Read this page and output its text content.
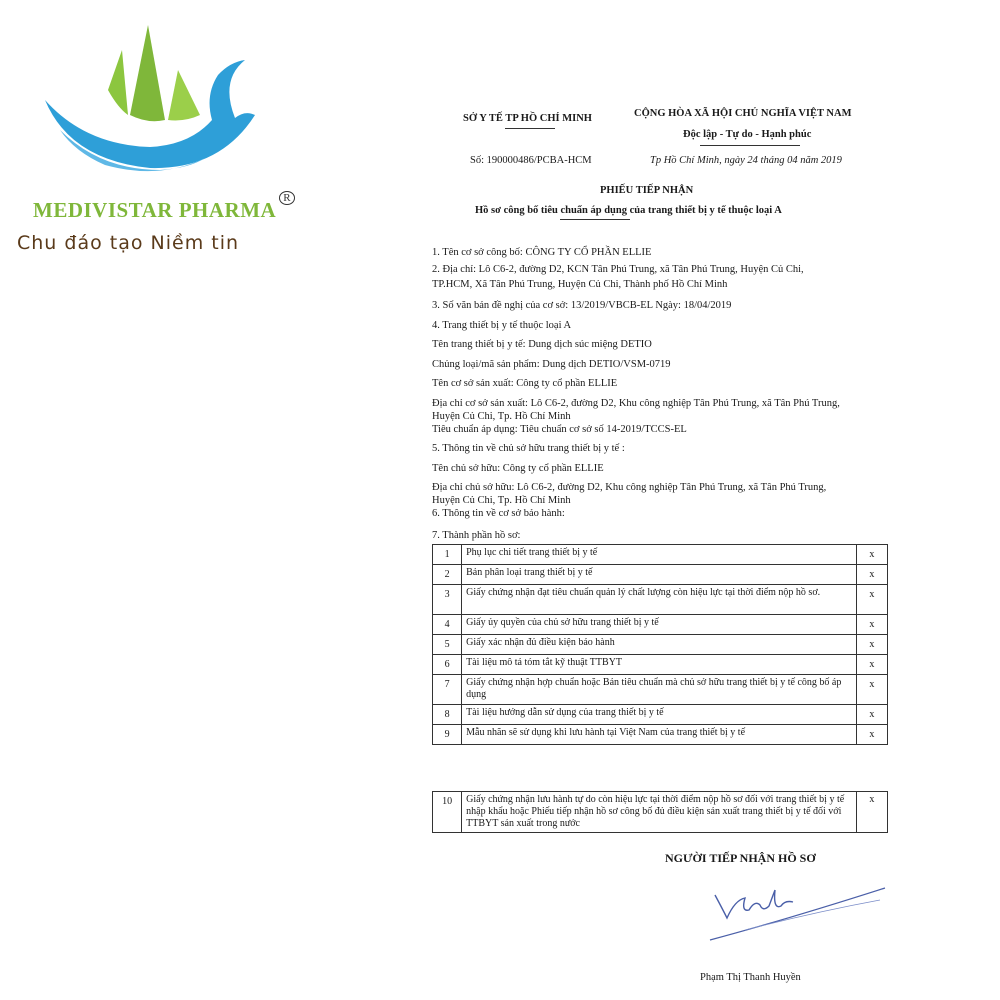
MEDIVISTAR PHARMA $^R$
Chu đáo tạo Niềm tin
SỞ Y TẾ TP HỒ CHÍ MINH	CỘNG HÒA XÃ HỘI CHỦ NGHĨA VIỆT NAM
Độc lập - Tự do - Hạnh phúc
Số: 190000486/PCBA-HCM	Tp Hồ Chí Minh, ngày 24 tháng 04 năm 2019
PHIẾU TIẾP NHẬN
Hồ sơ công bố tiêu chuẩn áp dụng của trang thiết bị y tế thuộc loại A
1. Tên cơ sở công bố: CÔNG TY CỔ PHẦN ELLIE
2. Địa chỉ: Lô C6-2, đường D2, KCN Tân Phú Trung, xã Tân Phú Trung, Huyện Củ Chi,
TP.HCM, Xã Tân Phú Trung, Huyện Củ Chi, Thành phố Hồ Chí Minh
3. Số văn bản đề nghị của cơ sở: 13/2019/VBCB-EL Ngày: 18/04/2019
4. Trang thiết bị y tế thuộc loại A
Tên trang thiết bị y tế: Dung dịch súc miệng DETIO
Chủng loại/mã sản phẩm: Dung dịch DETIO/VSM-0719
Tên cơ sở sản xuất: Công ty cổ phần ELLIE
Địa chỉ cơ sở sản xuất: Lô C6-2, đường D2, Khu công nghiệp Tân Phú Trung, xã Tân Phú Trung,
Huyện Củ Chi, Tp. Hồ Chí Minh
Tiêu chuẩn áp dụng: Tiêu chuẩn cơ sở số 14-2019/TCCS-EL
5. Thông tin về chủ sở hữu trang thiết bị y tế :
Tên chủ sở hữu: Công ty cổ phần ELLIE
Địa chỉ chủ sở hữu: Lô C6-2, đường D2, Khu công nghiệp Tân Phú Trung, xã Tân Phú Trung,
Huyện Củ Chi, Tp. Hồ Chí Minh
6. Thông tin về cơ sở bảo hành:
7. Thành phần hồ sơ:
1	Phụ lục chi tiết trang thiết bị y tế	x
2	Bản phân loại trang thiết bị y tế	x
3	Giấy chứng nhận đạt tiêu chuẩn quản lý chất lượng còn hiệu lực tại thời điểm nộp hồ sơ.	x
4	Giấy ủy quyền của chủ sở hữu trang thiết bị y tế	x
5	Giấy xác nhận đủ điều kiện bảo hành	x
6	Tài liệu mô tả tóm tắt kỹ thuật TTBYT	x
7	Giấy chứng nhận hợp chuẩn hoặc Bản tiêu chuẩn mà chủ sở hữu trang thiết bị y tế công bố áp dụng	x
8	Tài liệu hướng dẫn sử dụng của trang thiết bị y tế	x
9	Mẫu nhãn sẽ sử dụng khi lưu hành tại Việt Nam của trang thiết bị y tế	x
10	Giấy chứng nhận lưu hành tự do còn hiệu lực tại thời điểm nộp hồ sơ đối với trang thiết bị y tế nhập khẩu hoặc Phiếu tiếp nhận hồ sơ công bố đủ điều kiện sản xuất trang thiết bị y tế đối với TTBYT sản xuất trong nước	x
NGƯỜI TIẾP NHẬN HỒ SƠ
Phạm Thị Thanh Huyền
